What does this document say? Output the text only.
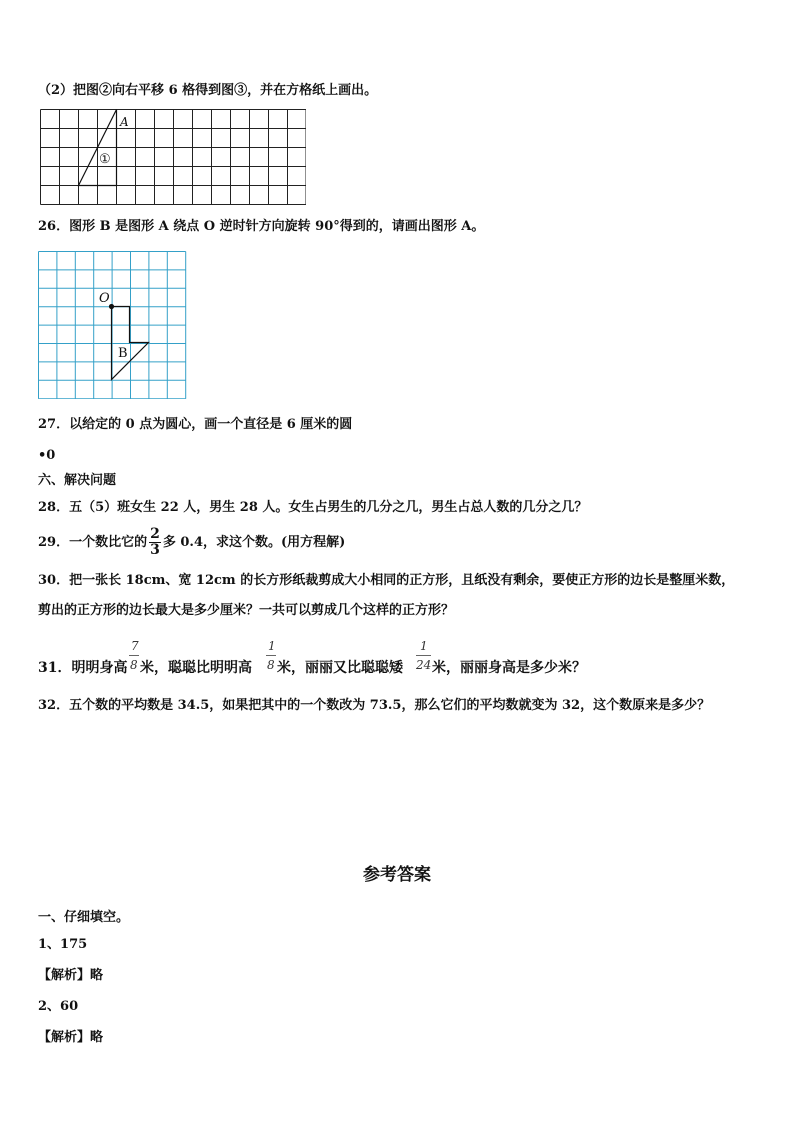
（2）把图②向右平移 6 格得到图③，并在方格纸上画出。
A
①
26．图形 B 是图形 A 绕点 O 逆时针方向旋转 90°得到的，请画出图形 A。
O
B
27．以给定的 0 点为圆心，画一个直径是 6 厘米的圆
•0
六、解决问题
28．五（5）班女生 22 人，男生 28 人。女生占男生的几分之几，男生占总人数的几分之几？
29．一个数比它的 $\frac{2}{3}$ 多 0.4，求这个数。(用方程解)
30．把一张长 18cm、宽 12cm 的长方形纸裁剪成大小相同的正方形，且纸没有剩余，要使正方形的边长是整厘米数，
剪出的正方形的边长最大是多少厘米？一共可以剪成几个这样的正方形？
31．明明身高
7
8 米，聪聪比明明高
1
8 米，丽丽又比聪聪矮
1
24 米，丽丽身高是多少米？
32．五个数的平均数是 34.5，如果把其中的一个数改为 73.5，那么它们的平均数就变为 32，这个数原来是多少？
参考答案
一、仔细填空。
1、175
【解析】略
2、60
【解析】略
